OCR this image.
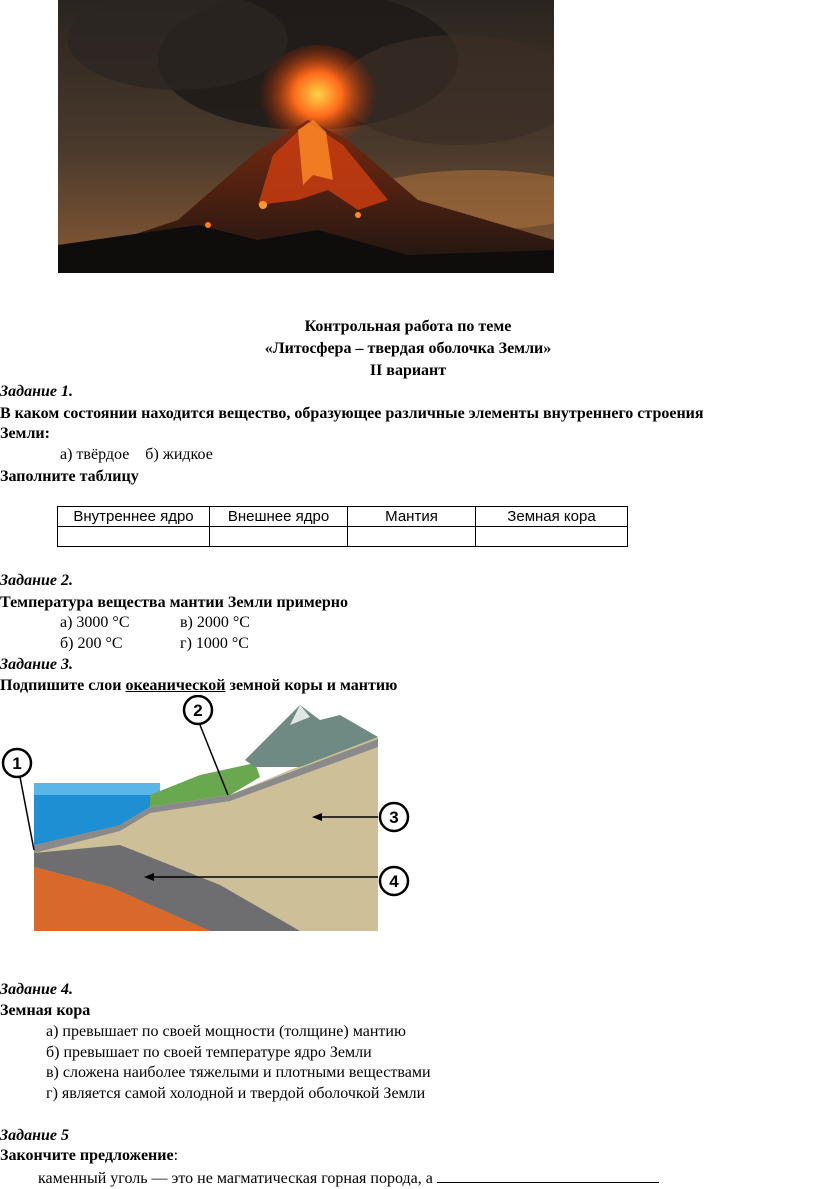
Контрольная работа по теме
«Литосфера – твердая оболочка Земли»
II вариант
Задание 1.
В каком состоянии находится вещество, образующее различные элементы внутреннего строения
Земли:
а) твёрдое    б) жидкое
Заполните таблицу
Внутреннее ядро	Внешнее ядро	Мантия	Земная кора

Задание 2.
Температура вещества мантии Земли примерно
а) 3000 °С	в) 2000 °С
б) 200 °С	г) 1000 °С
Задание 3.
Подпишите слои океанической земной коры и мантию
1
2
3
4
Задание 4.
Земная кора
а) превышает по своей мощности (толщине) мантию
б) превышает по своей температуре ядро Земли
в) сложена наиболее тяжелыми и плотными веществами
г) является самой холодной и твердой оболочкой Земли
Задание 5
Закончите предложение:
каменный уголь — это не магматическая горная порода, а
